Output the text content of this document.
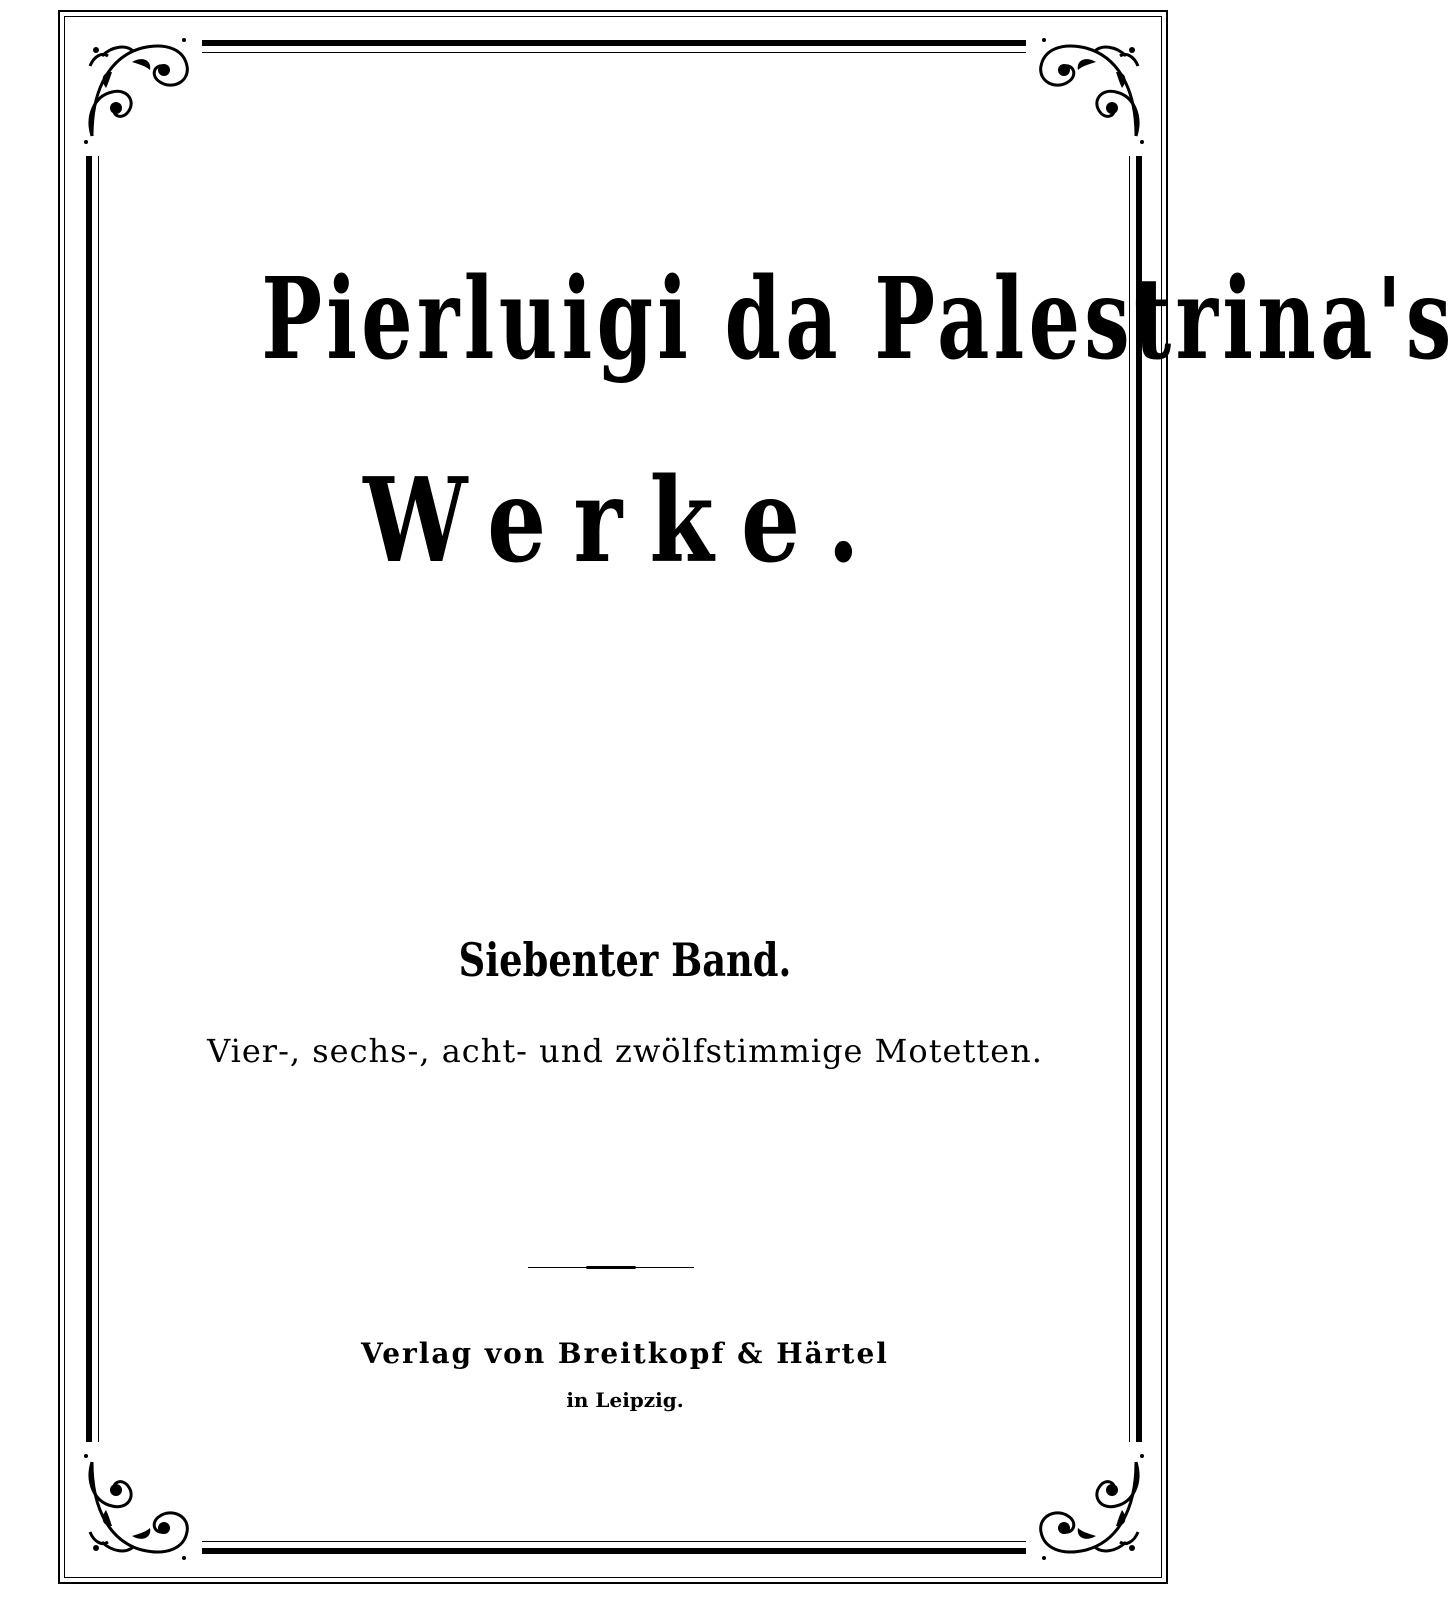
Pierluigi da Palestrina's
Werke.
Siebenter Band.
Vier-, sechs-, acht- und zwölfstimmige Motetten.
Verlag von Breitkopf & Härtel
in Leipzig.
